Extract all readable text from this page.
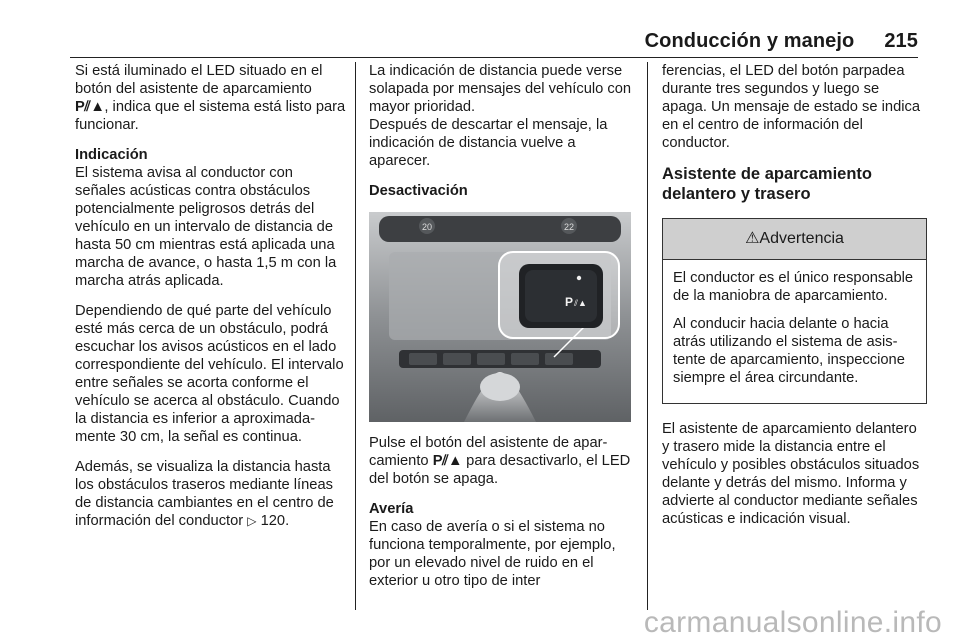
Conducción y manejo 215

Si está iluminado el LED situado en el botón del asistente de aparcamiento P⫽▲, indica que el sistema está listo para funcionar.

Indicación
El sistema avisa al conductor con señales acústicas contra obstáculos potencialmente peligrosos detrás del vehículo en un intervalo de distancia de hasta 50 cm mientras está aplicada una marcha de avance, o hasta 1,5 m con la marcha atrás aplicada.

Dependiendo de qué parte del vehículo esté más cerca de un obstáculo, podrá escuchar los avisos acústicos en el lado correspondiente del vehículo. El intervalo entre señales se acorta conforme el vehículo se acerca al obstáculo. Cuando la distancia es inferior a aproximadamente 30 cm, la señal es continua.

Además, se visualiza la distancia hasta los obstáculos traseros mediante líneas de distancia cambiantes en el centro de información del conductor ▷ 120.

La indicación de distancia puede verse solapada por mensajes del vehículo con mayor prioridad.

Después de descartar el mensaje, la indicación de distancia vuelve a aparecer.

Desactivación

20	22
P ⫽▲

Pulse el botón del asistente de aparcamiento P⫽▲ para desactivarlo, el LED del botón se apaga.

Avería
En caso de avería o si el sistema no funciona temporalmente, por ejemplo, por un elevado nivel de ruido en el exterior u otro tipo de inter

ferencias, el LED del botón parpadea durante tres segundos y luego se apaga. Un mensaje de estado se indica en el centro de información del conductor.

Asistente de aparcamiento delantero y trasero
⚠Advertencia

El conductor es el único responsable de la maniobra de aparcamiento.

Al conducir hacia delante o hacia atrás utilizando el sistema de asistente de aparcamiento, inspeccione siempre el área circundante.

El asistente de aparcamiento delantero y trasero mide la distancia entre el vehículo y posibles obstáculos situados delante y detrás del mismo. Informa y advierte al conductor mediante señales acústicas e indicación visual.

carmanualsonline.info
